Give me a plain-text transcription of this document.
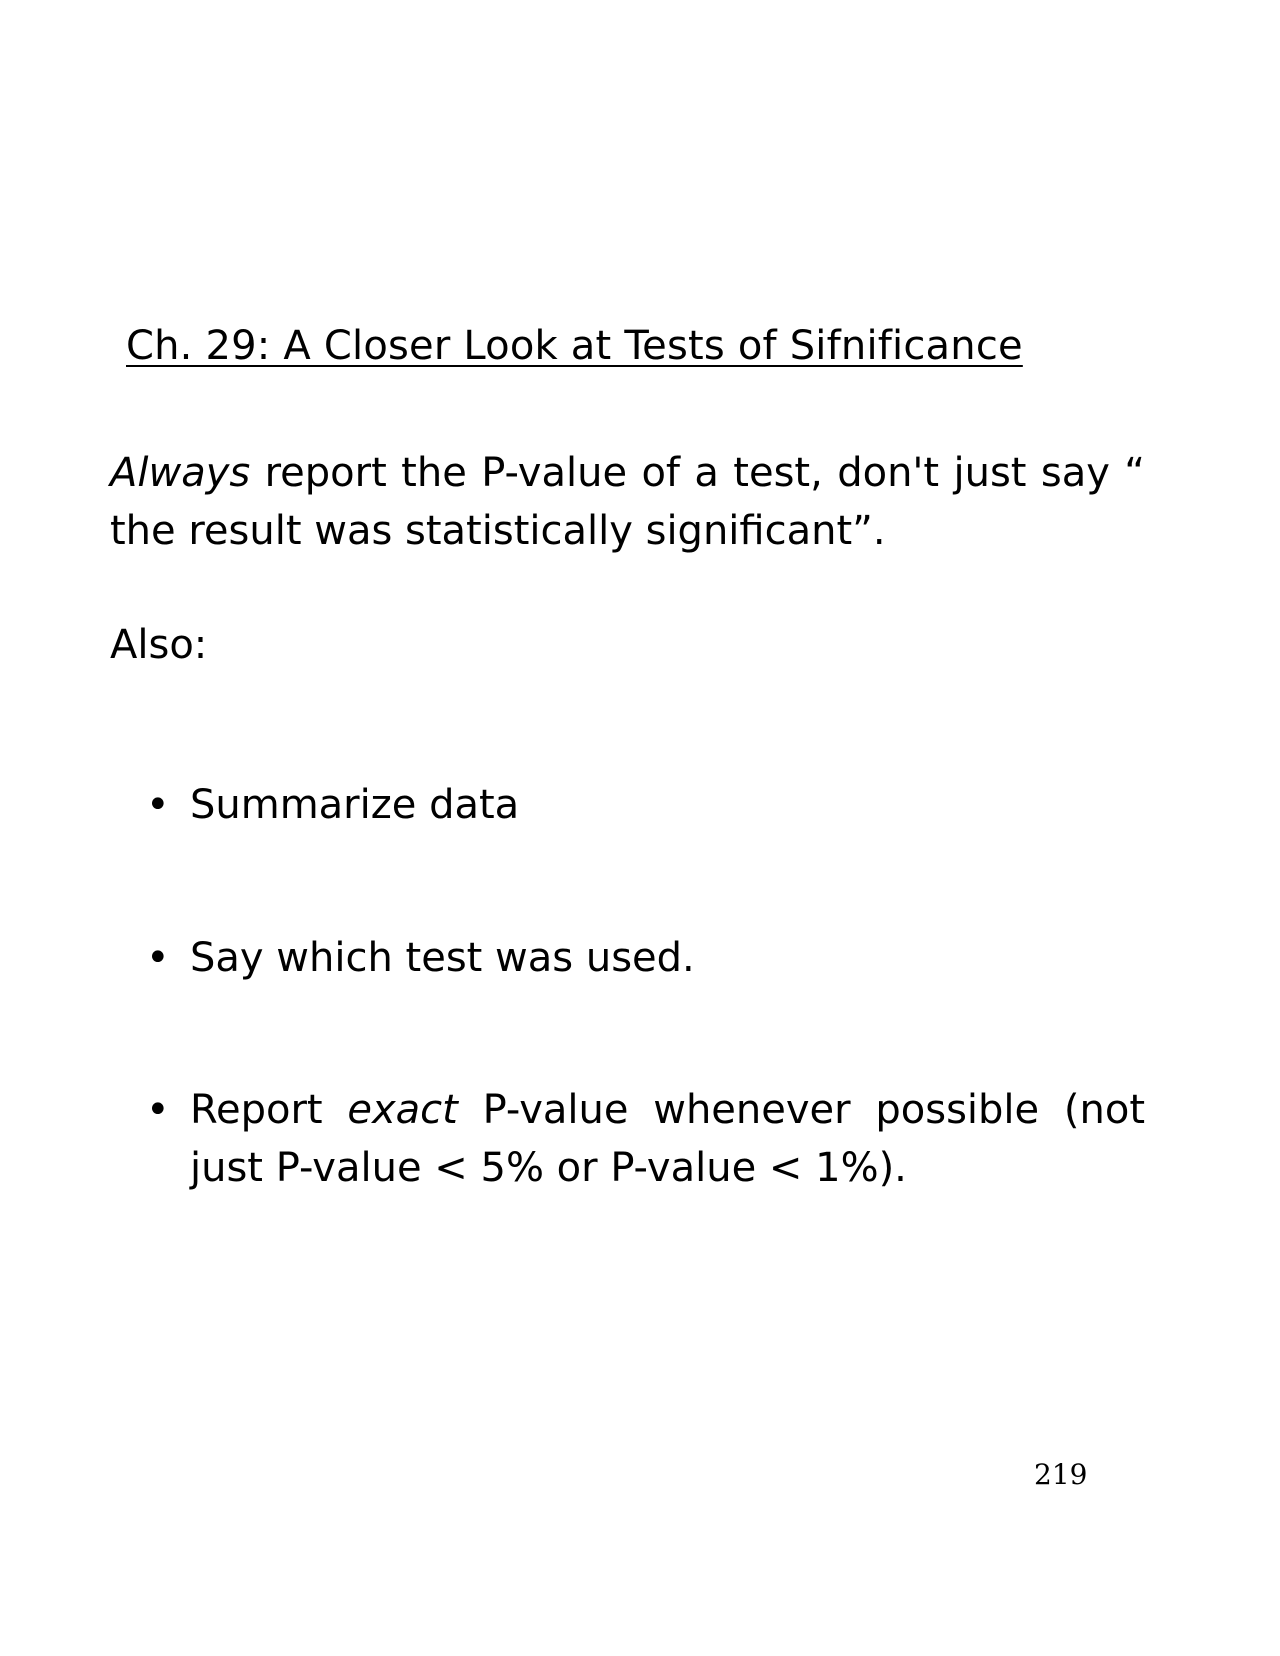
Ch. 29: A Closer Look at Tests of Sifnificance
Always report the P-value of a test, don't just say “ the result was statistically significant”.
Also:
• Summarize data
• Say which test was used.
• Report exact P-value whenever possible (not just P-value < 5% or P-value < 1%).
219
